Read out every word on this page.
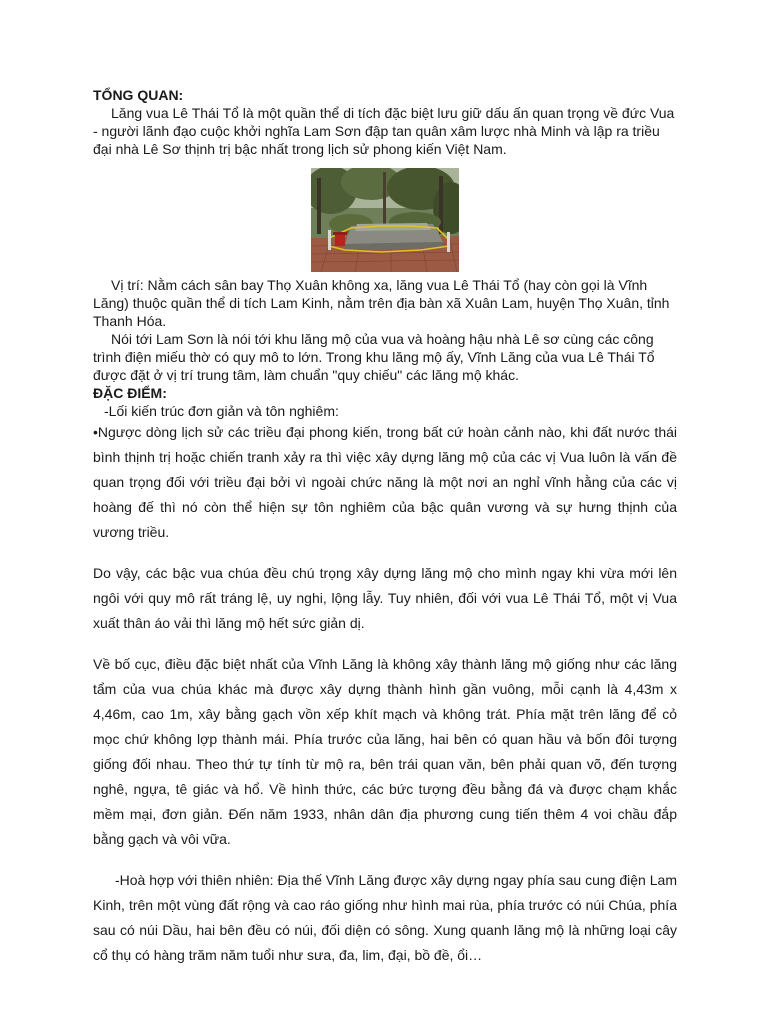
TỔNG QUAN:

Lăng vua Lê Thái Tổ là một quần thể di tích đặc biệt lưu giữ dấu ấn quan trọng về đức Vua - người lãnh đạo cuộc khởi nghĩa Lam Sơn đập tan quân xâm lược nhà Minh và lập ra triều đại nhà Lê Sơ thịnh trị bậc nhất trong lịch sử phong kiến Việt Nam.

Vị trí: Nằm cách sân bay Thọ Xuân không xa, lăng vua Lê Thái Tổ (hay còn gọi là Vĩnh Lăng) thuộc quần thể di tích Lam Kinh, nằm trên địa bàn xã Xuân Lam, huyện Thọ Xuân, tỉnh Thanh Hóa.

Nói tới Lam Sơn là nói tới khu lăng mộ của vua và hoàng hậu nhà Lê sơ cùng các công trình điện miếu thờ có quy mô to lớn. Trong khu lăng mộ ấy, Vĩnh Lăng của vua Lê Thái Tổ được đặt ở vị trí trung tâm, làm chuẩn "quy chiếu" các lăng mộ khác.

ĐẶC ĐIỂM:

-Lối kiến trúc đơn giản và tôn nghiêm:

•Ngược dòng lịch sử các triều đại phong kiến, trong bất cứ hoàn cảnh nào, khi đất nước thái bình thịnh trị hoặc chiến tranh xảy ra thì việc xây dựng lăng mộ của các vị Vua luôn là vấn đề quan trọng đối với triều đại bởi vì ngoài chức năng là một nơi an nghỉ vĩnh hằng của các vị hoàng đế thì nó còn thể hiện sự tôn nghiêm của bậc quân vương và sự hưng thịnh của vương triều.

Do vậy, các bậc vua chúa đều chú trọng xây dựng lăng mộ cho mình ngay khi vừa mới lên ngôi với quy mô rất tráng lệ, uy nghi, lộng lẫy. Tuy nhiên, đối với vua Lê Thái Tổ, một vị Vua xuất thân áo vải thì lăng mộ hết sức giản dị.

Về bố cục, điều đặc biệt nhất của Vĩnh Lăng là không xây thành lăng mộ giống như các lăng tẩm của vua chúa khác mà được xây dựng thành hình gần vuông, mỗi cạnh là 4,43m x 4,46m, cao 1m, xây bằng gạch vồn xếp khít mạch và không trát. Phía mặt trên lăng để cỏ mọc chứ không lợp thành mái. Phía trước của lăng, hai bên có quan hầu và bốn đôi tượng giống đối nhau. Theo thứ tự tính từ mộ ra, bên trái quan văn, bên phải quan võ, đến tượng nghê, ngựa, tê giác và hổ. Về hình thức, các bức tượng đều bằng đá và được chạm khắc mềm mại, đơn giản. Đến năm 1933, nhân dân địa phương cung tiến thêm 4 voi chầu đắp bằng gạch và vôi vữa.

-Hoà hợp với thiên nhiên: Địa thế Vĩnh Lăng được xây dựng ngay phía sau cung điện Lam Kinh, trên một vùng đất rộng và cao ráo giống như hình mai rùa, phía trước có núi Chúa, phía sau có núi Dầu, hai bên đều có núi, đối diện có sông. Xung quanh lăng mộ là những loại cây cổ thụ có hàng trăm năm tuổi như sưa, đa, lim, đại, bồ đề, ổi…
